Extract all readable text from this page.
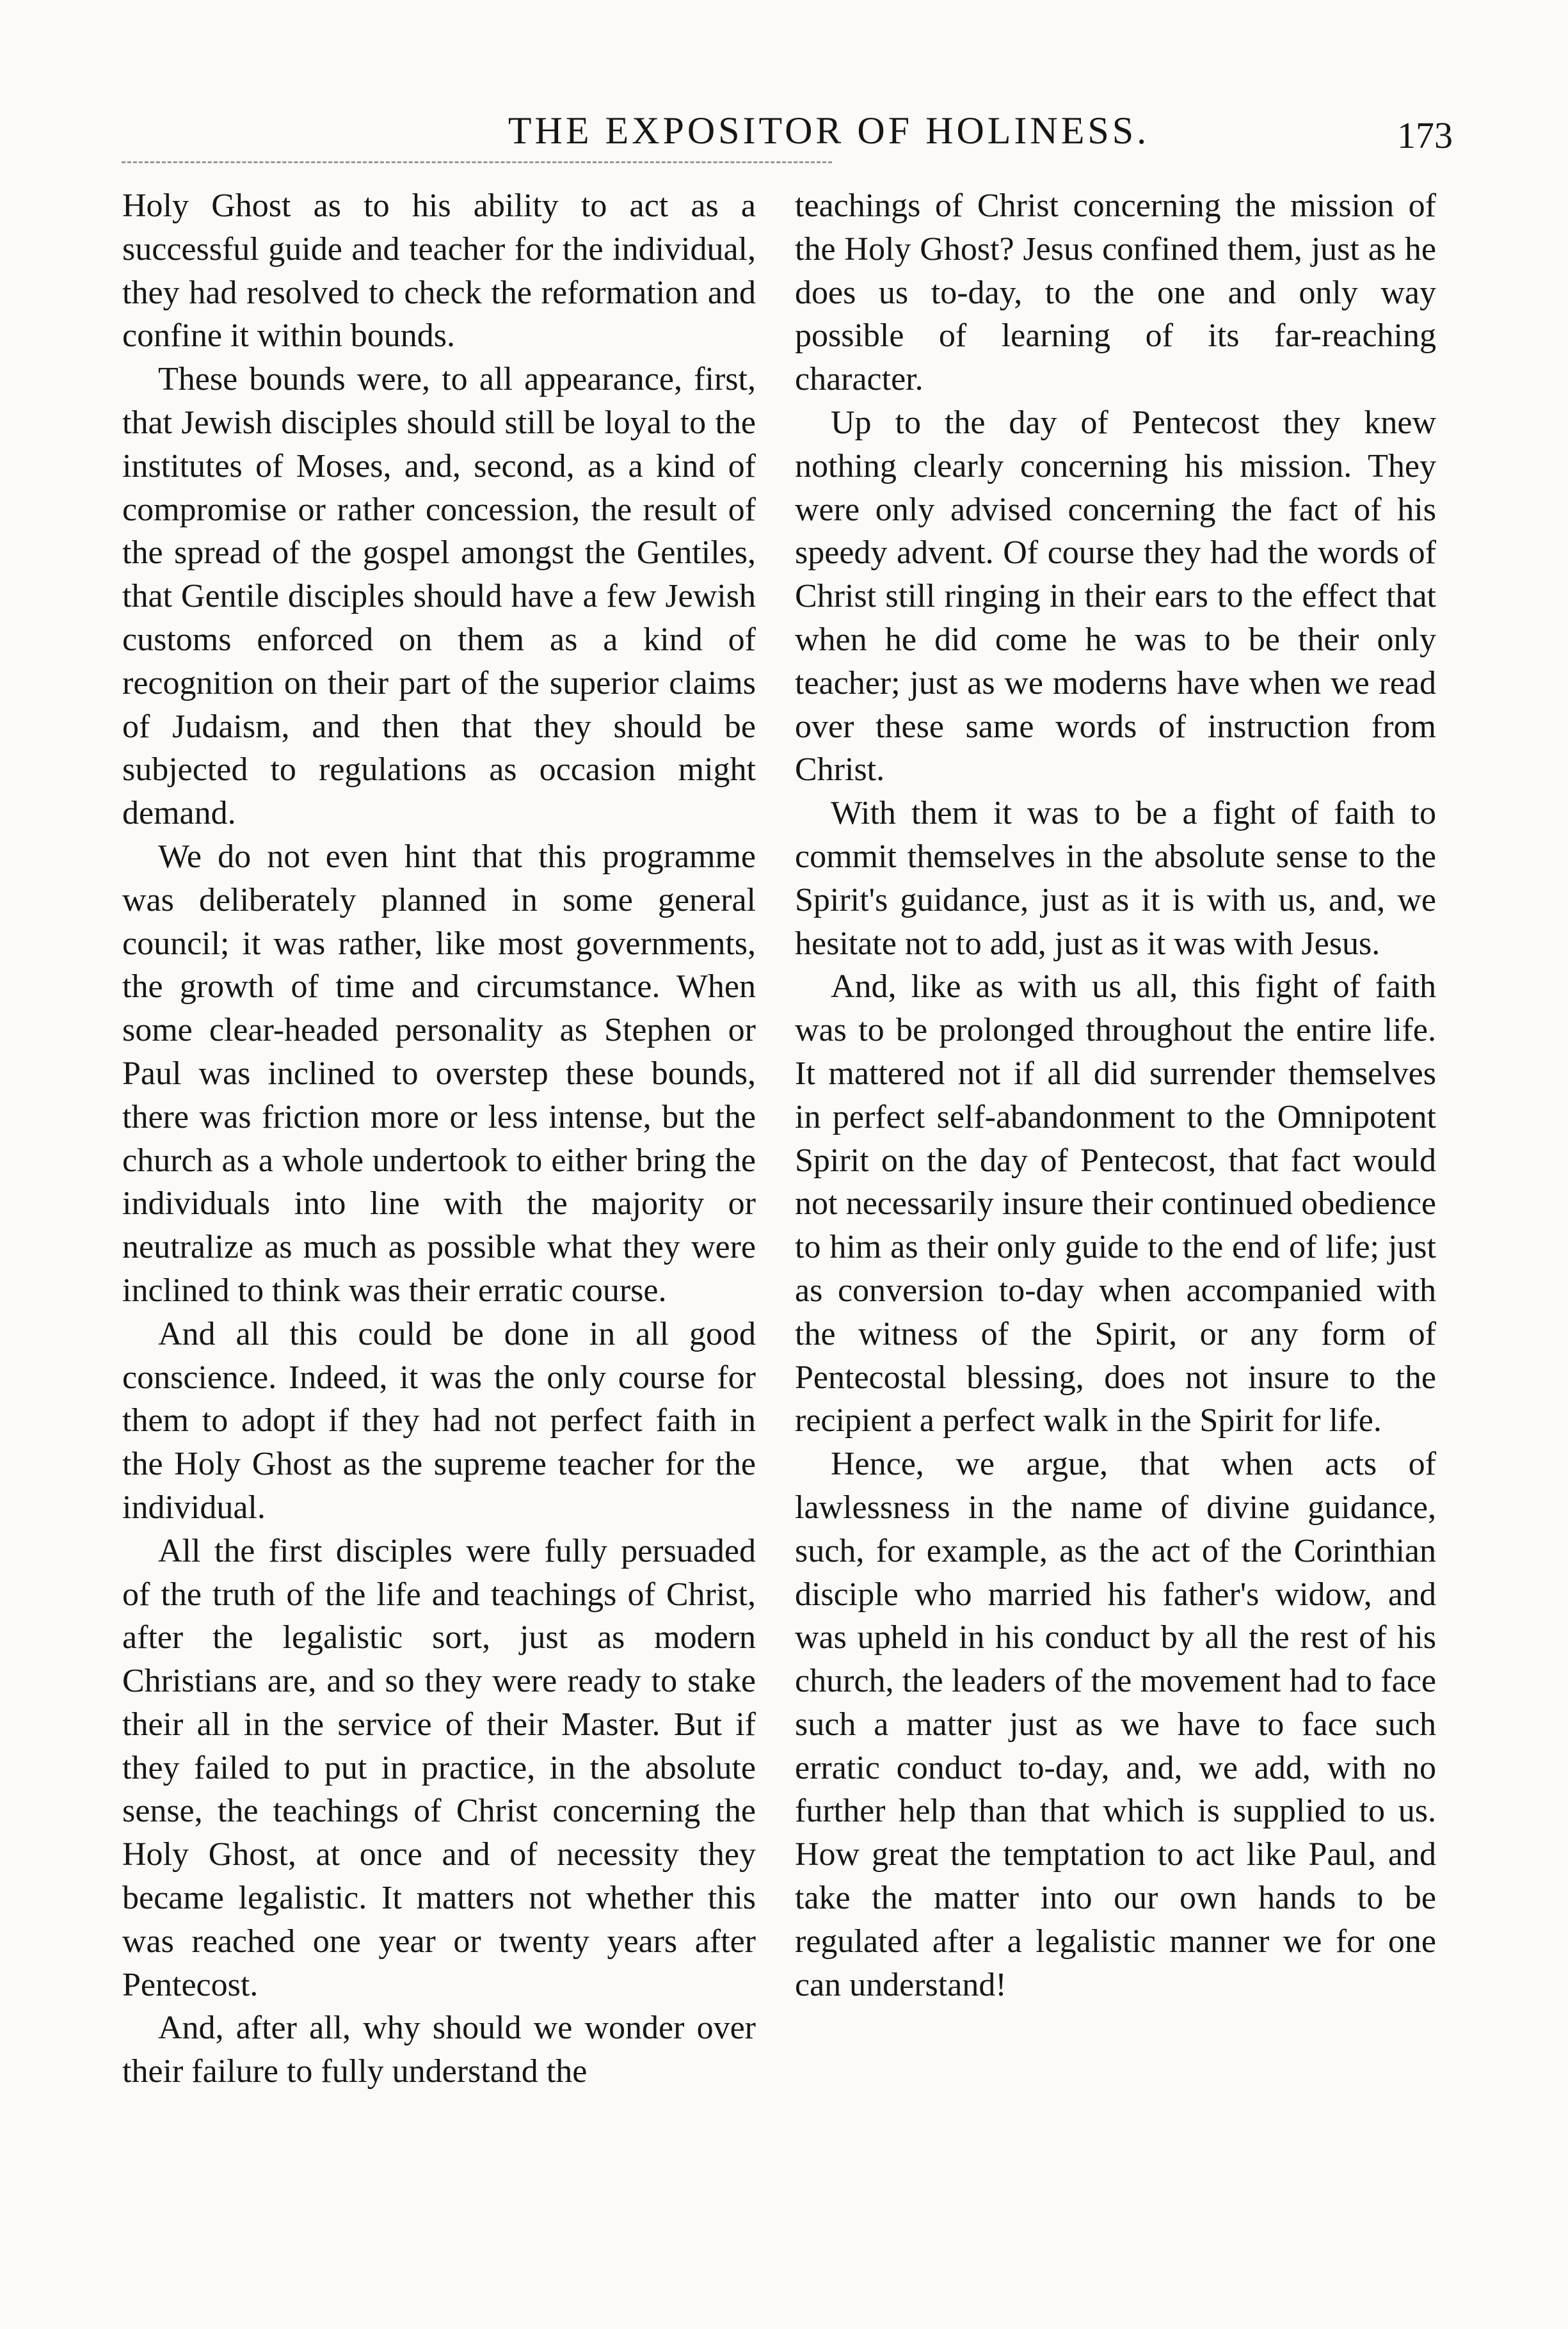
THE EXPOSITOR OF HOLINESS.	173

Holy Ghost as to his ability to act as a successful guide and teacher for the individual, they had resolved to check the reformation and confine it within bounds.

These bounds were, to all appearance, first, that Jewish disciples should still be loyal to the institutes of Moses, and, second, as a kind of compromise or rather concession, the result of the spread of the gospel amongst the Gentiles, that Gentile disciples should have a few Jewish customs enforced on them as a kind of recognition on their part of the superior claims of Judaism, and then that they should be subjected to regulations as occasion might demand.

We do not even hint that this programme was deliberately planned in some general council; it was rather, like most governments, the growth of time and circumstance. When some clear-headed personality as Stephen or Paul was inclined to overstep these bounds, there was friction more or less intense, but the church as a whole undertook to either bring the individuals into line with the majority or neutralize as much as possible what they were inclined to think was their erratic course.

And all this could be done in all good conscience. Indeed, it was the only course for them to adopt if they had not perfect faith in the Holy Ghost as the supreme teacher for the individual.

All the first disciples were fully persuaded of the truth of the life and teachings of Christ, after the legalistic sort, just as modern Christians are, and so they were ready to stake their all in the service of their Master. But if they failed to put in practice, in the absolute sense, the teachings of Christ concerning the Holy Ghost, at once and of necessity they became legalistic. It matters not whether this was reached one year or twenty years after Pentecost.

And, after all, why should we wonder over their failure to fully understand the

teachings of Christ concerning the mission of the Holy Ghost? Jesus confined them, just as he does us to-day, to the one and only way possible of learning of its far-reaching character.

Up to the day of Pentecost they knew nothing clearly concerning his mission. They were only advised concerning the fact of his speedy advent. Of course they had the words of Christ still ringing in their ears to the effect that when he did come he was to be their only teacher; just as we moderns have when we read over these same words of instruction from Christ.

With them it was to be a fight of faith to commit themselves in the absolute sense to the Spirit's guidance, just as it is with us, and, we hesitate not to add, just as it was with Jesus.

And, like as with us all, this fight of faith was to be prolonged throughout the entire life. It mattered not if all did surrender themselves in perfect self-abandonment to the Omnipotent Spirit on the day of Pentecost, that fact would not necessarily insure their continued obedience to him as their only guide to the end of life; just as conversion to-day when accompanied with the witness of the Spirit, or any form of Pentecostal blessing, does not insure to the recipient a perfect walk in the Spirit for life.

Hence, we argue, that when acts of lawlessness in the name of divine guidance, such, for example, as the act of the Corinthian disciple who married his father's widow, and was upheld in his conduct by all the rest of his church, the leaders of the movement had to face such a matter just as we have to face such erratic conduct to-day, and, we add, with no further help than that which is supplied to us. How great the temptation to act like Paul, and take the matter into our own hands to be regulated after a legalistic manner we for one can understand!
